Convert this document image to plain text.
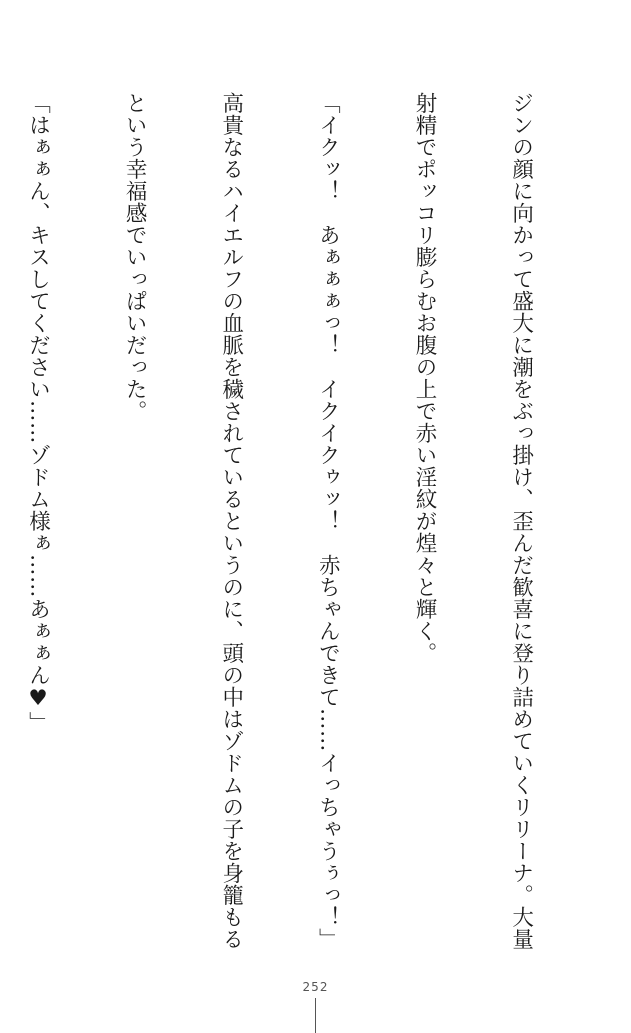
ジンの顔に向かって盛大に潮をぶっ掛け、歪んだ歓喜に登り詰めていくリリーナ。大量

射精でポッコリ膨らむお腹の上で赤い淫紋が煌々と輝く。

「イクッ！　あぁぁぁっ！　イクイクゥッ！　赤ちゃんできて……イっちゃうぅっ！」

高貴なるハイエルフの血脈を穢されているというのに、頭の中はゾドムの子を身籠もる

という幸福感でいっぱいだった。

「はぁぁん、キスしてください……ゾドム様ぁ……あぁぁん♥」

252
